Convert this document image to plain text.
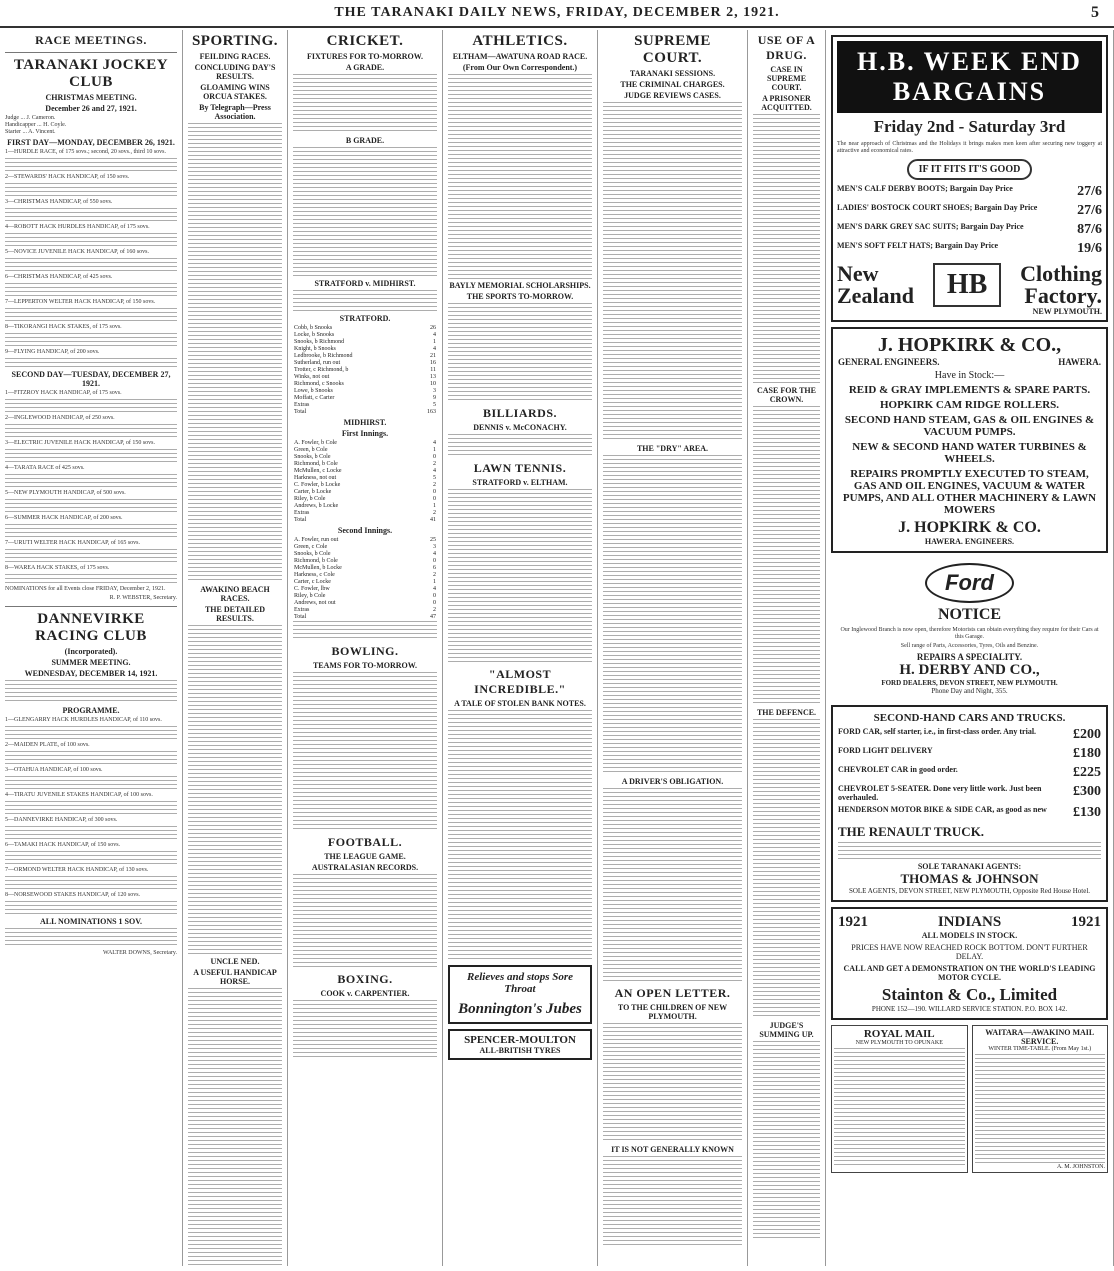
THE TARANAKI DAILY NEWS, FRIDAY, DECEMBER 2, 1921.	5
RACE MEETINGS.
TARANAKI JOCKEY CLUB
CHRISTMAS MEETING.
December 26 and 27, 1921.
Judge ... J. Cameron.
Handicapper ... H. Coyle.
Starter ... A. Vincent.
FIRST DAY—MONDAY, DECEMBER 26, 1921.
1—HURDLE RACE, of 175 sovs.; second, 20 sovs., third 10 sovs.
2—STEWARDS' HACK HANDICAP, of 150 sovs.
3—CHRISTMAS HANDICAP, of 550 sovs.
4—ROBOTT HACK HURDLES HANDICAP, of 175 sovs.
5—NOVICE JUVENILE HACK HANDICAP, of 160 sovs.
6—CHRISTMAS HANDICAP, of 425 sovs.
7—LEPPERTON WELTER HACK HANDICAP, of 150 sovs.
8—TIKORANGI HACK STAKES, of 175 sovs.
9—FLYING HANDICAP, of 200 sovs.
SECOND DAY—TUESDAY, DECEMBER 27, 1921.
1—FITZROY HACK HANDICAP, of 175 sovs.
2—INGLEWOOD HANDICAP, of 250 sovs.
3—ELECTRIC JUVENILE HACK HANDICAP, of 150 sovs.
4—TARATA RACE of 425 sovs.
5—NEW PLYMOUTH HANDICAP, of 500 sovs.
6—SUMMER HACK HANDICAP, of 200 sovs.
7—URUTI WELTER HACK HANDICAP, of 165 sovs.
8—WAREA HACK STAKES, of 175 sovs.
NOMINATIONS for all Events close FRIDAY, December 2, 1921.
R. P. WEBSTER, Secretary.
DANNEVIRKE RACING CLUB
(Incorporated).
SUMMER MEETING.
WEDNESDAY, DECEMBER 14, 1921.
PROGRAMME.
1—GLENGARRY HACK HURDLES HANDICAP, of 110 sovs.
2—MAIDEN PLATE, of 100 sovs.
3—OTAHUA HANDICAP, of 100 sovs.
4—TIRATU JUVENILE STAKES HANDICAP, of 100 sovs.
5—DANNEVIRKE HANDICAP, of 300 sovs.
6—TAMAKI HACK HANDICAP, of 150 sovs.
7—ORMOND WELTER HACK HANDICAP, of 130 sovs.
8—NORSEWOOD STAKES HANDICAP, of 120 sovs.
ALL NOMINATIONS 1 SOV.
WALTER DOWNS, Secretary.
SPORTING.
FEILDING RACES.
CONCLUDING DAY'S RESULTS.
GLOAMING WINS ORCUA STAKES.
By Telegraph—Press Association.
AWAKINO BEACH RACES.
THE DETAILED RESULTS.
UNCLE NED.
A USEFUL HANDICAP HORSE.
CRICKET.
FIXTURES FOR TO-MORROW.
A GRADE.
B GRADE.
STRATFORD v. MIDHIRST.
STRATFORD.
Cobb, b Snooks	26
Locke, b Snooks	4
Snooks, b Richmond	1
Knight, b Snooks	4
Ledbrooke, b Richmond	21
Sutherland, run out	16
Trotter, c Richmond, b	11
Winks, not out	13
Richmond, c Snooks	10
Lowe, b Snooks	3
Moffatt, c Carter	9
Extras	5
Total	163
MIDHIRST.
First Innings.
A. Fowler, b Cole	4
Green, b Cole	1
Snooks, b Cole	0
Richmond, b Cole	2
McMullen, c Locke	4
Harkness, not out	5
C. Fowler, b Locke	2
Carter, b Locke	0
Riley, b Cole	0
Andrews, b Locke	1
Extras	2
Total	41
Second Innings.
A. Fowler, run out	25
Green, c Cole	3
Snooks, b Cole	4
Richmond, b Cole	0
McMullen, b Locke	6
Harkness, c Cole	2
Carter, c Locke	1
C. Fowler, lbw	4
Riley, b Cole	0
Andrews, not out	0
Extras	2
Total	47
BOWLING.
TEAMS FOR TO-MORROW.
FOOTBALL.
THE LEAGUE GAME.
AUSTRALASIAN RECORDS.
BOXING.
COOK v. CARPENTIER.
ATHLETICS.
ELTHAM—AWATUNA ROAD RACE.
(From Our Own Correspondent.)
BAYLY MEMORIAL SCHOLARSHIPS.
THE SPORTS TO-MORROW.
BILLIARDS.
DENNIS v. McCONACHY.
LAWN TENNIS.
STRATFORD v. ELTHAM.
"ALMOST INCREDIBLE."
A TALE OF STOLEN BANK NOTES.
Relieves and stops Sore Throat
Bonnington's Jubes
SPENCER-MOULTON
ALL-BRITISH TYRES
SUPREME COURT.
TARANAKI SESSIONS.
THE CRIMINAL CHARGES.
JUDGE REVIEWS CASES.
THE "DRY" AREA.
A DRIVER'S OBLIGATION.
AN OPEN LETTER.
TO THE CHILDREN OF NEW PLYMOUTH.
IT IS NOT GENERALLY KNOWN
USE OF A DRUG.
CASE IN SUPREME COURT.
A PRISONER ACQUITTED.
CASE FOR THE CROWN.
THE DEFENCE.
JUDGE'S SUMMING UP.
H.B. WEEK END BARGAINS
Friday 2nd - Saturday 3rd
The near approach of Christmas and the Holidays it brings makes men keen after securing new toggery at attractive and economical rates.
IF IT FITS IT'S GOOD
MEN'S CALF DERBY BOOTS; Bargain Day Price	27/6
LADIES' BOSTOCK COURT SHOES; Bargain Day Price	27/6
MEN'S DARK GREY SAC SUITS; Bargain Day Price	87/6
MEN'S SOFT FELT HATS; Bargain Day Price	19/6
New
Zealand	HB	Clothing
Factory.
NEW PLYMOUTH.
J. HOPKIRK & CO.,
GENERAL ENGINEERS.	HAWERA.
Have in Stock:—
REID & GRAY IMPLEMENTS & SPARE PARTS.
HOPKIRK CAM RIDGE ROLLERS.
SECOND HAND STEAM, GAS & OIL ENGINES & VACUUM PUMPS.
NEW & SECOND HAND WATER TURBINES & WHEELS.
REPAIRS PROMPTLY EXECUTED TO STEAM, GAS AND OIL ENGINES, VACUUM & WATER PUMPS, AND ALL OTHER MACHINERY & LAWN MOWERS
J. HOPKIRK & CO.
HAWERA. ENGINEERS.
Ford
NOTICE
Our Inglewood Branch is now open, therefore Motorists can obtain everything they require for their Cars at this Garage.
Sell range of Parts, Accessories, Tyres, Oils and Benzine.
REPAIRS A SPECIALITY.
H. DERBY AND CO.,
FORD DEALERS, DEVON STREET, NEW PLYMOUTH.
Phone Day and Night, 355.
SECOND-HAND CARS AND TRUCKS.
FORD CAR, self starter, i.e., in first-class order. Any trial.	£200
FORD LIGHT DELIVERY	£180
CHEVROLET CAR in good order.	£225
CHEVROLET 5-SEATER. Done very little work. Just been overhauled.	£300
HENDERSON MOTOR BIKE & SIDE CAR, as good as new £130
THE RENAULT TRUCK.
SOLE TARANAKI AGENTS:
THOMAS & JOHNSON
SOLE AGENTS, DEVON STREET, NEW PLYMOUTH, Opposite Red House Hotel.
1921	INDIANS	1921
ALL MODELS IN STOCK.
PRICES HAVE NOW REACHED ROCK BOTTOM. DON'T FURTHER DELAY.
CALL AND GET A DEMONSTRATION ON THE WORLD'S LEADING MOTOR CYCLE.
Stainton & Co., Limited
PHONE 152—190. WILLARD SERVICE STATION. P.O. BOX 142.
ROYAL MAIL
NEW PLYMOUTH TO OPUNAKE
WAITARA—AWAKINO MAIL SERVICE.
WINTER TIME-TABLE. (From May 1st.)
A. M. JOHNSTON.
